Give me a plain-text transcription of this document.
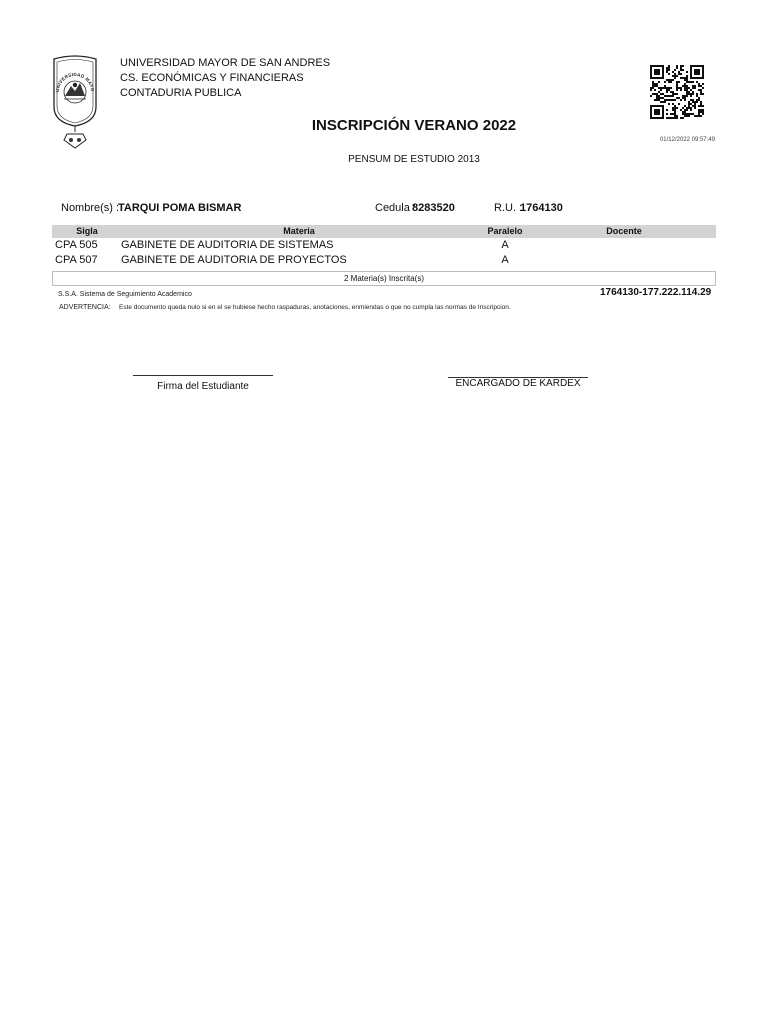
UNIVERSIDAD MAYO
UNIVERSIDAD MAYOR DE SAN ANDRES
CS. ECONÓMICAS Y FINANCIERAS
CONTADURIA PUBLICA
INSCRIPCIÓN VERANO 2022
PENSUM DE ESTUDIO 2013
01/12/2022 09:57:49
Nombre(s) :
TARQUI POMA BISMAR	Cedula :
8283520	R.U. :
1764130
Sigla	Materia	Paralelo	Docente
CPA 505 GABINETE DE AUDITORIA DE SISTEMAS	A
CPA 507 GABINETE DE AUDITORIA DE PROYECTOS	A
2 Materia(s) Inscrita(s)
S.S.A. Sistema de Seguimiento Academico	1764130-177.222.114.29
ADVERTENCIA: Este documento queda nulo si en el se hubiese hecho raspaduras, anotaciones, enmiendas o que no cumpla las normas de Inscripcion.
Firma del Estudiante	ENCARGADO DE KARDEX
